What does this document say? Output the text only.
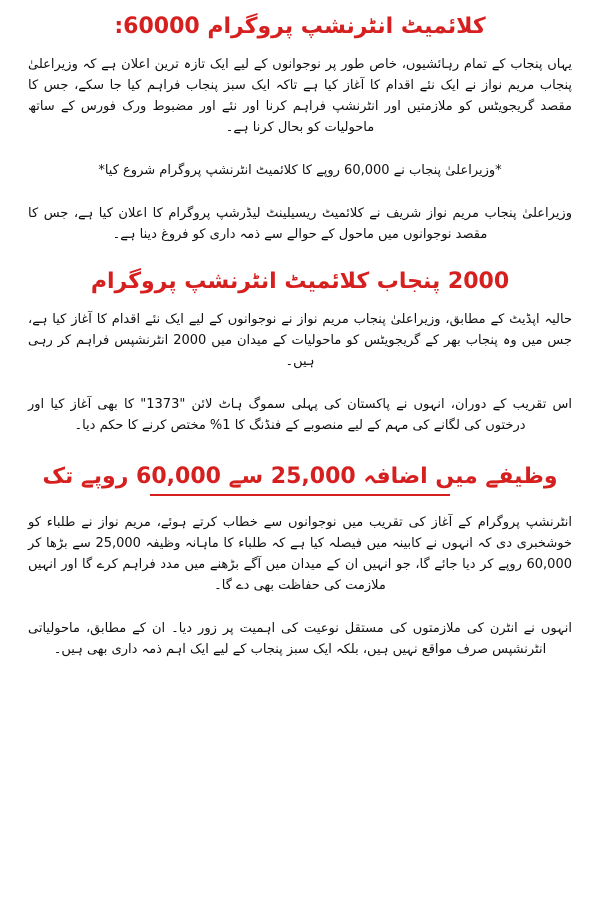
کلائمیٹ انٹرنشپ پروگرام 60000:

یہاں پنجاب کے تمام رہائشیوں، خاص طور پر نوجوانوں کے لیے ایک تازہ ترین اعلان ہے کہ وزیراعلیٰ پنجاب مریم نواز نے ایک نئے اقدام کا آغاز کیا ہے تاکہ ایک سبز پنجاب فراہم کیا جا سکے، جس کا مقصد گریجویٹس کو ملازمتیں اور انٹرنشپ فراہم کرنا اور نئے اور مضبوط ورک فورس کے ساتھ ماحولیات کو بحال کرنا ہے۔

*وزیراعلیٰ پنجاب نے 60,000 روپے کا کلائمیٹ انٹرنشپ پروگرام شروع کیا*

وزیراعلیٰ پنجاب مریم نواز شریف نے کلائمیٹ ریسیلینٹ لیڈرشپ پروگرام کا اعلان کیا ہے، جس کا مقصد نوجوانوں میں ماحول کے حوالے سے ذمہ داری کو فروغ دینا ہے۔

2000 پنجاب کلائمیٹ انٹرنشپ پروگرام

حالیہ اپڈیٹ کے مطابق، وزیراعلیٰ پنجاب مریم نواز نے نوجوانوں کے لیے ایک نئے اقدام کا آغاز کیا ہے، جس میں وہ پنجاب بھر کے گریجویٹس کو ماحولیات کے میدان میں 2000 انٹرنشپس فراہم کر رہی ہیں۔

اس تقریب کے دوران، انہوں نے پاکستان کی پہلی سموگ ہاٹ لائن "1373" کا بھی آغاز کیا اور درختوں کی لگانے کی مہم کے لیے منصوبے کے فنڈنگ کا 1% مختص کرنے کا حکم دیا۔

وظیفے میں اضافہ 25,000 سے 60,000 روپے تک

انٹرنشپ پروگرام کے آغاز کی تقریب میں نوجوانوں سے خطاب کرتے ہوئے، مریم نواز نے طلباء کو خوشخبری دی کہ انہوں نے کابینہ میں فیصلہ کیا ہے کہ طلباء کا ماہانہ وظیفہ 25,000 سے بڑھا کر 60,000 روپے کر دیا جائے گا، جو انہیں ان کے میدان میں آگے بڑھنے میں مدد فراہم کرے گا اور انہیں ملازمت کی حفاظت بھی دے گا۔

انہوں نے انٹرن کی ملازمتوں کی مستقل نوعیت کی اہمیت پر زور دیا۔ ان کے مطابق، ماحولیاتی انٹرنشپس صرف مواقع نہیں ہیں، بلکہ ایک سبز پنجاب کے لیے ایک اہم ذمہ داری بھی ہیں۔
